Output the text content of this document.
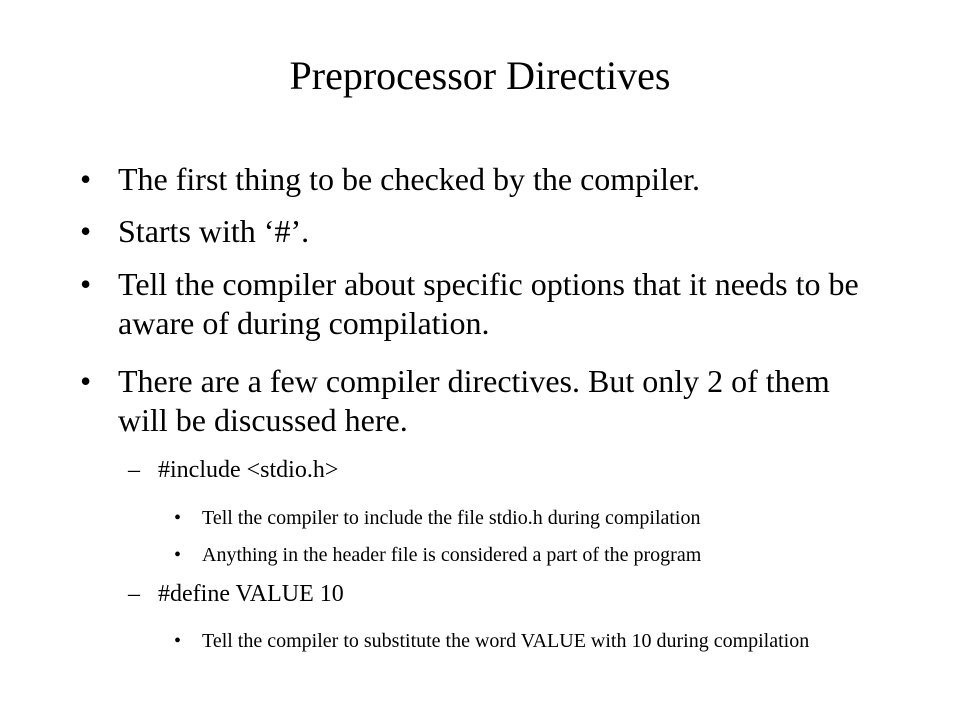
Preprocessor Directives
• The first thing to be checked by the compiler.
• Starts with ‘#’.
• Tell the compiler about specific options that it needs to be aware of during compilation.
• There are a few compiler directives. But only 2 of them will be discussed here.
– #include <stdio.h>
• Tell the compiler to include the file stdio.h during compilation
• Anything in the header file is considered a part of the program
– #define VALUE 10
• Tell the compiler to substitute the word VALUE with 10 during compilation
